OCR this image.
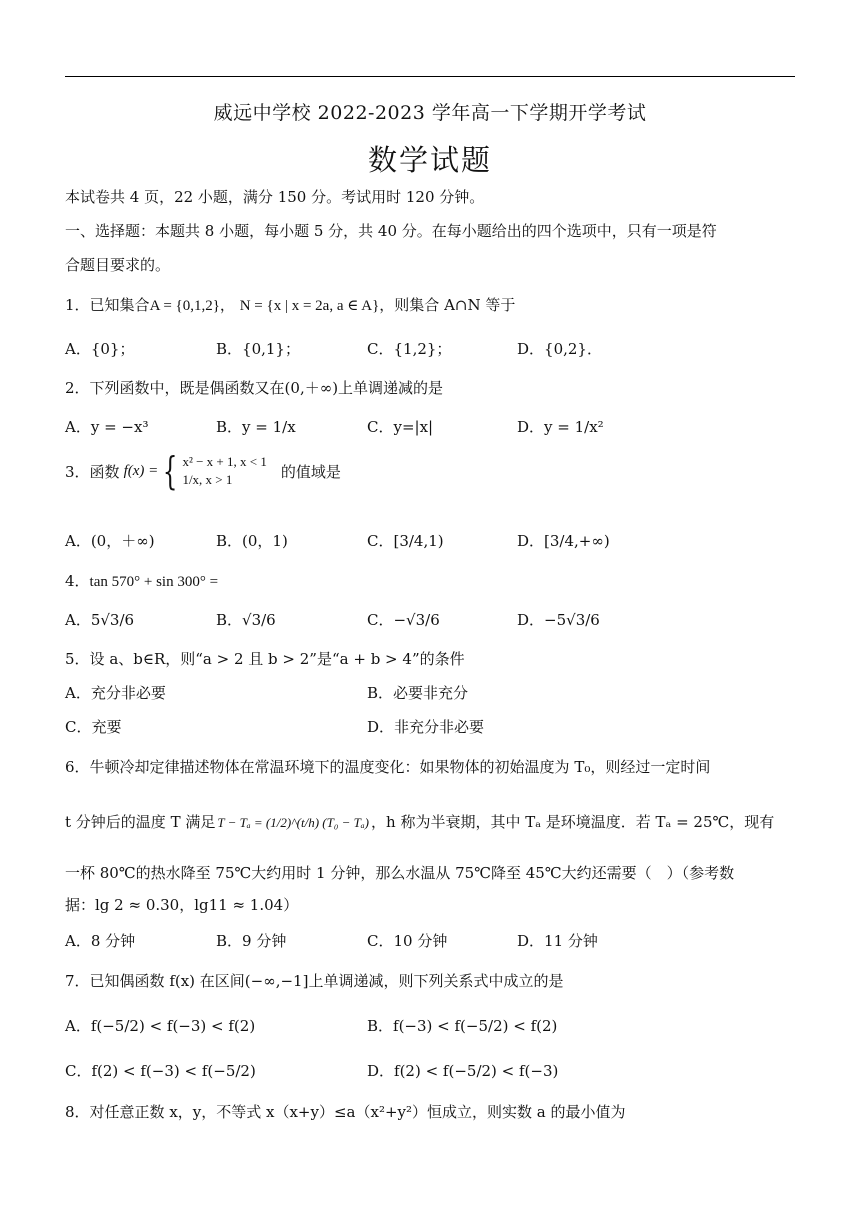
威远中学校 2022-2023 学年高一下学期开学考试
数学试题
本试卷共 4 页，22 小题，满分 150 分。考试用时 120 分钟。
一、选择题：本题共 8 小题，每小题 5 分，共 40 分。在每小题给出的四个选项中，只有一项是符
合题目要求的。
1．已知集合A = {0,1,2}， N = {x | x = 2a, a ∈ A}，则集合 A∩N 等于
A．{0}；	B．{0,1}；	C．{1,2}；	D．{0,2}．
2．下列函数中，既是偶函数又在(0,＋∞)上单调递减的是
A．y = −x³	B．y = 1/x	C．y=|x|	D．y = 1/x²
3． 函数 f(x) = { x² − x + 1, x < 1
1/x, x > 1	的值域是
A．(0，＋∞)	B．(0，1)	C．[3/4,1)	D．[3/4,+∞)
4．tan 570° + sin 300° =
A．5√3/6	B．√3/6	C．−√3/6	D．−5√3/6
5．设 a、b∈R，则“a > 2 且 b > 2”是“a + b > 4”的条件
A．充分非必要	B．必要非充分
C．充要	D．非充分非必要
6．牛顿冷却定律描述物体在常温环境下的温度变化：如果物体的初始温度为 T₀，则经过一定时间
t 分钟后的温度 T 满足 T − Tₐ = (1/2)^(t/h) (T₀ − Tₐ) ，h 称为半衰期，其中 Tₐ 是环境温度．若 Tₐ = 25℃，现有
一杯 80℃的热水降至 75℃大约用时 1 分钟，那么水温从 75℃降至 45℃大约还需要（　）（参考数
据：lg 2 ≈ 0.30，lg11 ≈ 1.04）
A．8 分钟	B．9 分钟	C．10 分钟	D．11 分钟
7．已知偶函数 f(x) 在区间(−∞,−1]上单调递减，则下列关系式中成立的是
A．f(−5/2) < f(−3) < f(2)	B．f(−3) < f(−5/2) < f(2)
C．f(2) < f(−3) < f(−5/2)	D．f(2) < f(−5/2) < f(−3)
8．对任意正数 x，y，不等式 x（x+y）≤a（x²+y²）恒成立，则实数 a 的最小值为
